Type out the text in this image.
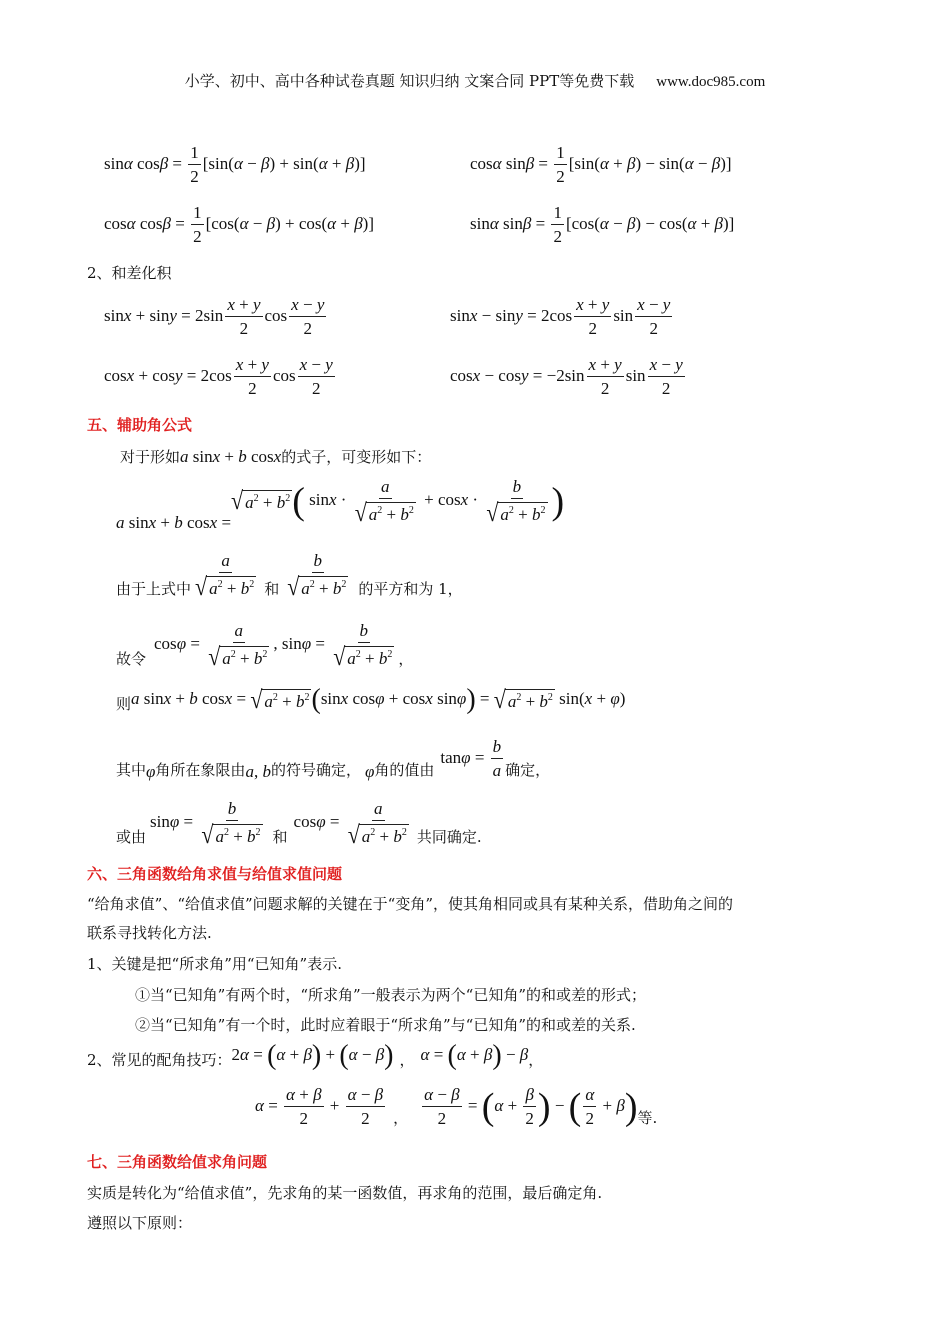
小学、初中、高中各种试卷真题 知识归纳 文案合同 PPT等免费下载 www.doc985.com
sinα $\cos\beta = \frac{1}{2} [\sin(\alpha - \beta) + \sin(\alpha + \beta)]$	cosα $\sin\beta = \frac{1}{2} [\sin(\alpha + \beta) - \sin(\alpha - \beta)]$
cosα $\cos\beta = \frac{1}{2} [\cos(\alpha - \beta) + \cos(\alpha + \beta)]$	sinα $\sin\beta = \frac{1}{2} [\cos(\alpha - \beta) - \cos(\alpha + \beta)]$
2、和差化积
$\sin x + \sin y = 2\sin \frac{x + y}{2}$ $\cos \frac{x - y}{2}$	$\sin x - \sin y = 2\cos \frac{x + y}{2}$ $\sin \frac{x - y}{2}$
$\cos x + \cos y = 2\cos \frac{x + y}{2}$ $\cos \frac{x - y}{2}$	$\cos x - \cos y = -2\sin \frac{x + y}{2}$ $\sin \frac{x - y}{2}$
五、辅助角公式
对于形如a sinx + b cosx的式子，可变形如下：
a sinx + b cosx =
√ $a^2 + b^2$ ( $\sin x \cdot \frac{a}{√ a^2 + b^2} + \cos x \cdot \frac{b}{√ a^2 + b^2}$ )
由于上式中 $\frac{a}{√ a^2 + b^2}$ 和 $\frac{b}{√ a^2 + b^2}$ 的平方和为 1，
故令$\cos\varphi = \frac{a}{√ a^2 + b^2}$ , $\sin\varphi = \frac{b}{√ a^2 + b^2}$ ，
则a sinx + b cosx = √ $a^2 + b^2$ (sinx cosφ + cosx sinφ) = √ $a^2 + b^2$ sin(x + φ)
其中φ角所在象限由a, b的符号确定， φ角的值由$\tan\varphi = \frac{b}{a}$ 确定，
或由$\sin\varphi = \frac{b}{√ a^2 + b^2}$ 和$\cos\varphi = \frac{a}{√ a^2 + b^2}$ 共同确定.
六、三角函数给角求值与给值求值问题
“给角求值”、“给值求值”问题求解的关键在于“变角”，使其角相同或具有某种关系，借助角之间的
联系寻找转化方法.
1、关键是把“所求角”用“已知角”表示.
①当“已知角”有两个时，“所求角”一般表示为两个“已知角”的和或差的形式；
②当“已知角”有一个时，此时应着眼于“所求角”与“已知角”的和或差的关系.
2、常见的配角技巧：2α = (α + β) + (α − β) ， α = (α + β) − β，
$\alpha = \frac{\alpha + \beta}{2} + \frac{\alpha - \beta}{2}$ ， $\frac{\alpha - \beta}{2} = (\alpha + \frac{\beta}{2}$ ) − ( $\frac{\alpha}{2} + \beta$)等.
七、三角函数给值求角问题
实质是转化为“给值求值”，先求角的某一函数值，再求角的范围，最后确定角.
遵照以下原则：
